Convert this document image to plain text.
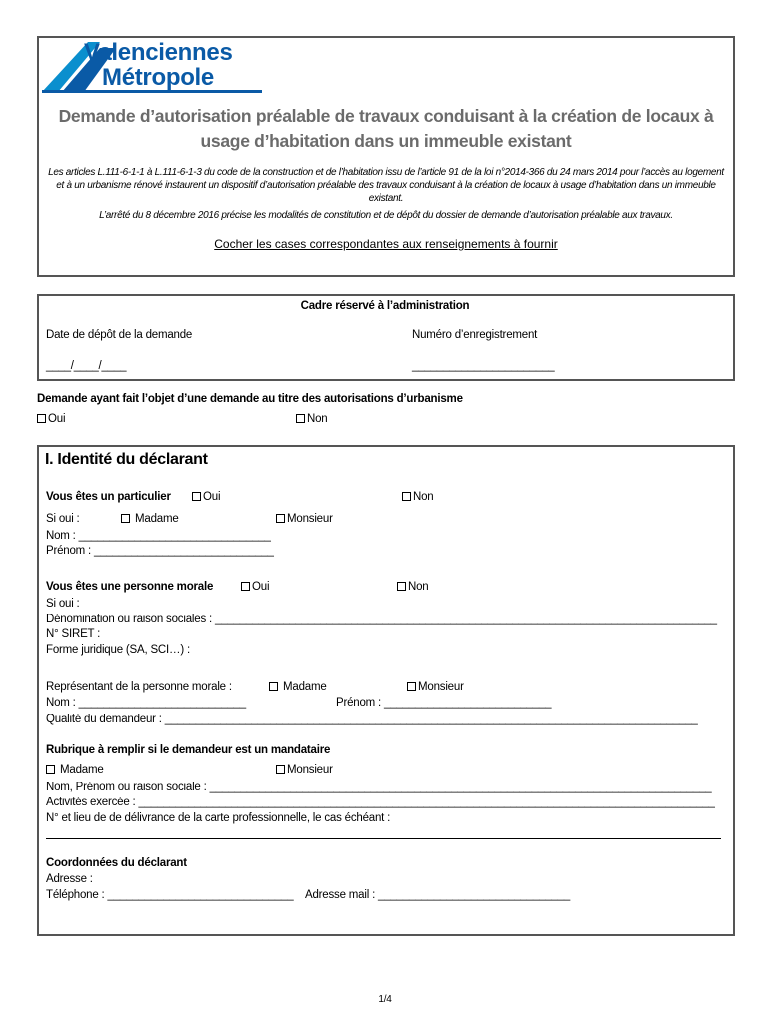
Valenciennes
Métropole
Demande d’autorisation préalable de travaux conduisant à la création de locaux à
usage d’habitation dans un immeuble existant
Les articles L.111-6-1-1 à L.111-6-1-3 du code de la construction et de l’habitation issu de l’article 91 de la loi n°2014-366 du 24 mars 2014 pour l’accès au logement et à un urbanisme rénové instaurent un dispositif d’autorisation préalable des travaux conduisant à la création de locaux à usage d’habitation dans un immeuble existant.
L’arrêté du 8 décembre 2016 précise les modalités de constitution et de dépôt du dossier de demande d’autorisation préalable aux travaux.
Cocher les cases correspondantes aux renseignements à fournir
Cadre réservé à l’administration
Date de dépôt de la demande	Numéro d’enregistrement
____/____/____	_______________________
Demande ayant fait l’objet d’une demande au titre des autorisations d’urbanisme
Oui	Non
I. Identité du déclarant
Vous êtes un particulier	Oui	Non
Si oui :	Madame	Monsieur
Nom : _______________________________
Prénom : _____________________________
Vous êtes une personne morale	Oui	Non
Si oui :
Dénomination ou raison sociales : _________________________________________________________________________________
N° SIRET :
Forme juridique (SA, SCI…) :
Représentant de la personne morale :	Madame	Monsieur
Nom : ___________________________	Prénom : ___________________________
Qualité du demandeur : ______________________________________________________________________________________
Rubrique à remplir si le demandeur est un mandataire
Madame	Monsieur
Nom, Prénom ou raison sociale : _________________________________________________________________________________
Activités exercée : _____________________________________________________________________________________________
N° et lieu de de délivrance de la carte professionnelle, le cas échéant :
Coordonnées du déclarant
Adresse :
Téléphone : ______________________________ Adresse mail : _______________________________
1/4
